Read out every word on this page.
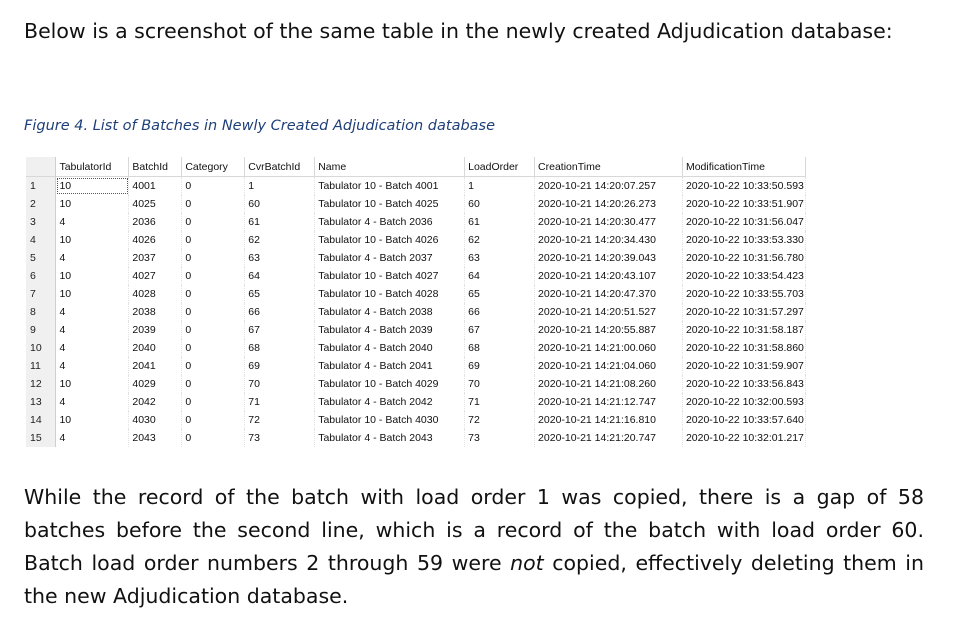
Below is a screenshot of the same table in the newly created Adjudication database:

Figure 4. List of Batches in Newly Created Adjudication database

	TabulatorId	BatchId	Category	CvrBatchId	Name	LoadOrder	CreationTime	ModificationTime
1	10	4001	0	1	Tabulator 10 - Batch 4001	1	2020-10-21 14:20:07.257	2020-10-22 10:33:50.593
2	10	4025	0	60	Tabulator 10 - Batch 4025	60	2020-10-21 14:20:26.273	2020-10-22 10:33:51.907
3	4	2036	0	61	Tabulator 4 - Batch 2036	61	2020-10-21 14:20:30.477	2020-10-22 10:31:56.047
4	10	4026	0	62	Tabulator 10 - Batch 4026	62	2020-10-21 14:20:34.430	2020-10-22 10:33:53.330
5	4	2037	0	63	Tabulator 4 - Batch 2037	63	2020-10-21 14:20:39.043	2020-10-22 10:31:56.780
6	10	4027	0	64	Tabulator 10 - Batch 4027	64	2020-10-21 14:20:43.107	2020-10-22 10:33:54.423
7	10	4028	0	65	Tabulator 10 - Batch 4028	65	2020-10-21 14:20:47.370	2020-10-22 10:33:55.703
8	4	2038	0	66	Tabulator 4 - Batch 2038	66	2020-10-21 14:20:51.527	2020-10-22 10:31:57.297
9	4	2039	0	67	Tabulator 4 - Batch 2039	67	2020-10-21 14:20:55.887	2020-10-22 10:31:58.187
10	4	2040	0	68	Tabulator 4 - Batch 2040	68	2020-10-21 14:21:00.060	2020-10-22 10:31:58.860
11	4	2041	0	69	Tabulator 4 - Batch 2041	69	2020-10-21 14:21:04.060	2020-10-22 10:31:59.907
12	10	4029	0	70	Tabulator 10 - Batch 4029	70	2020-10-21 14:21:08.260	2020-10-22 10:33:56.843
13	4	2042	0	71	Tabulator 4 - Batch 2042	71	2020-10-21 14:21:12.747	2020-10-22 10:32:00.593
14	10	4030	0	72	Tabulator 10 - Batch 4030	72	2020-10-21 14:21:16.810	2020-10-22 10:33:57.640
15	4	2043	0	73	Tabulator 4 - Batch 2043	73	2020-10-21 14:21:20.747	2020-10-22 10:32:01.217

While the record of the batch with load order 1 was copied, there is a gap of 58 batches before the second line, which is a record of the batch with load order 60. Batch load order numbers 2 through 59 were not copied, effectively deleting them in the new Adjudication database.
